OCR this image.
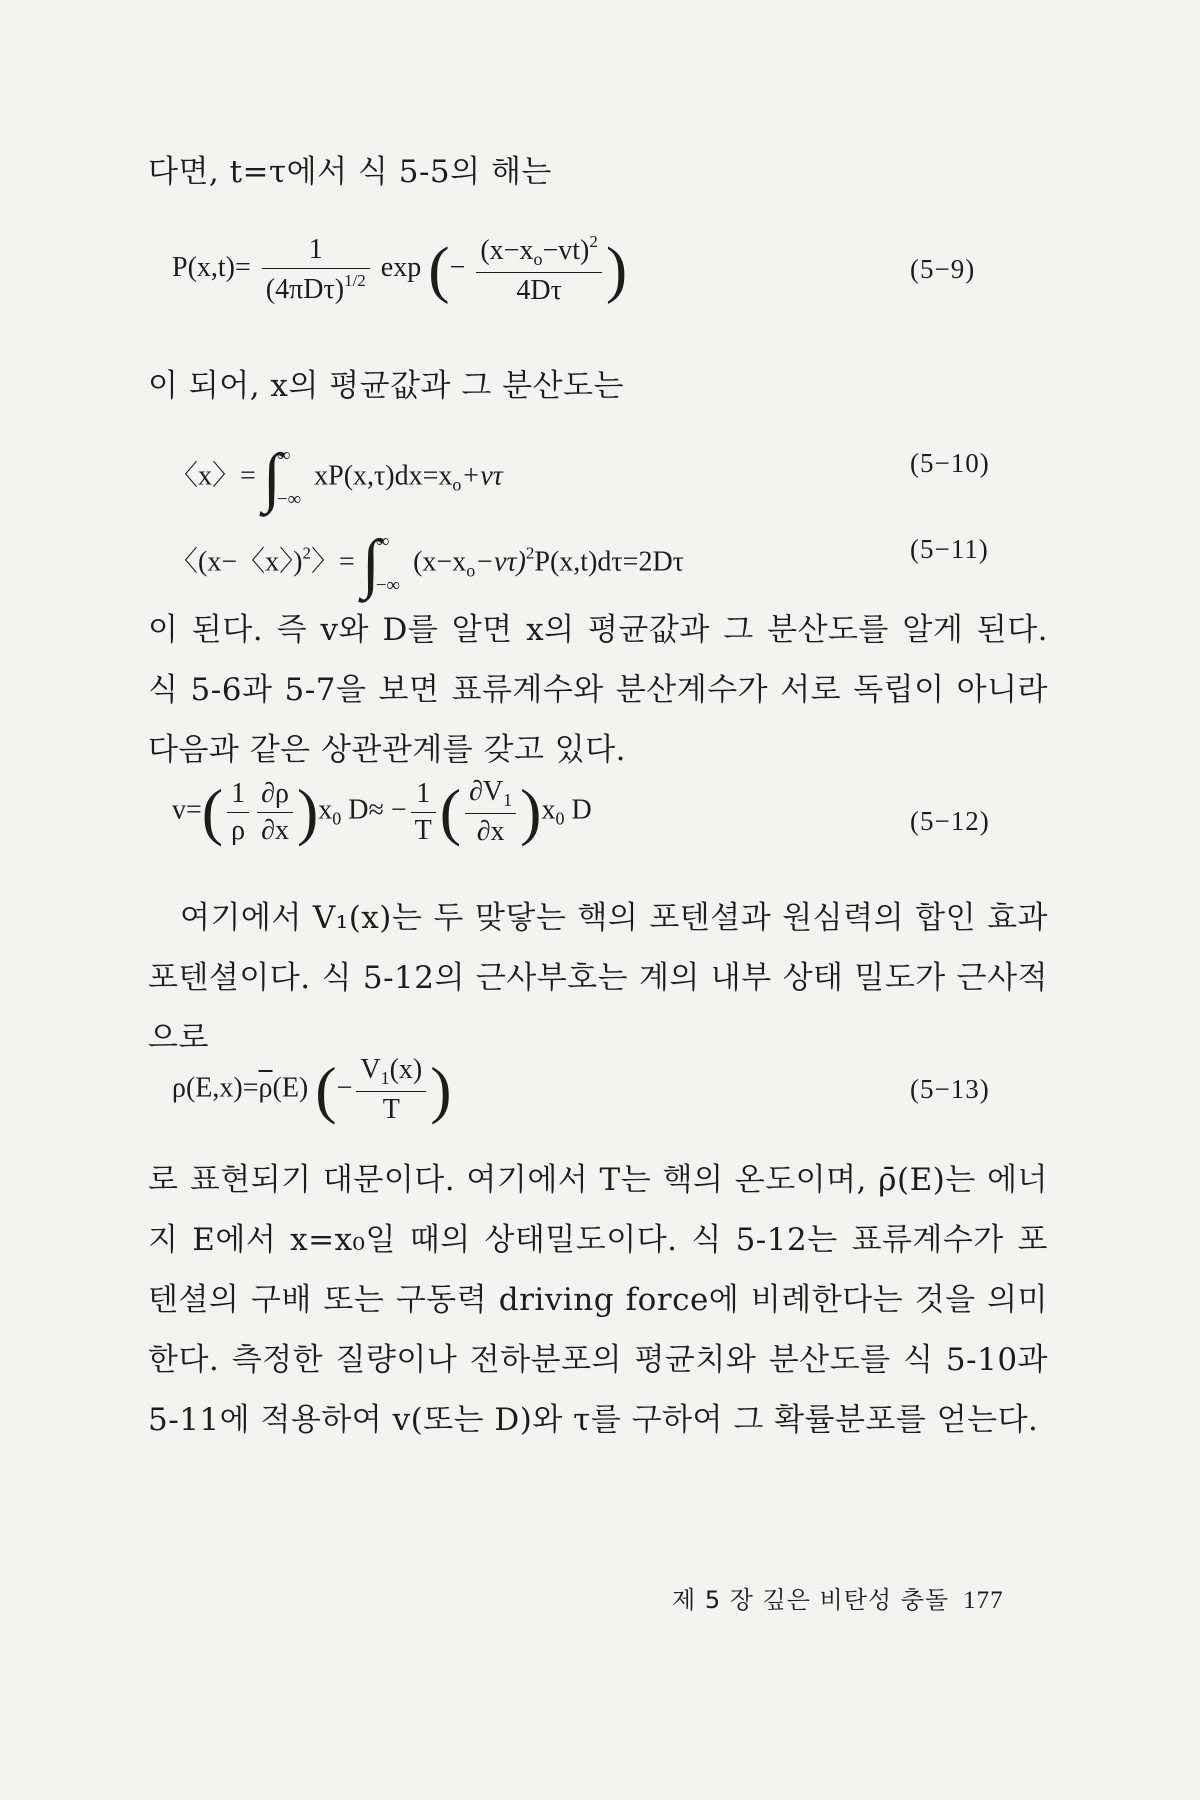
다면, t=τ에서 식 5-5의 해는

$P(x,t)= \frac{1}{(4\pi D\tau)^{1/2}}$ exp (− $\frac{(x-x_o-vt)^2}{4D\tau}$ )	(5−9)

이 되어, x의 평균값과 그 분산도는

〈x〉= ∫
∞
−∞
$xP(x,\tau)dx=x_o+v\tau$	(5−10)
〈(x−〈x〉)$^2$〉= ∫
∞
−∞
$(x-x_o-v\tau)^2P(x,t)d\tau=2D\tau$	(5−11)

이 된다. 즉 v와 D를 알면 x의 평균값과 그 분산도를 알게 된다. 식 5-6과 5-7을 보면 표류계수와 분산계수가 서로 독립이 아니라 다음과 같은 상관관계를 갖고 있다.

$v=( \frac{1}{\rho} \frac{\partial\rho}{\partial x} )x_0$ $D\approx - \frac{1}{T}$ ( $\frac{\partial V_1}{\partial x} )x_0$ D	(5−12)

여기에서 V₁(x)는 두 맞닿는 핵의 포텐셜과 원심력의 합인 효과 포텐셜이다. 식 5-12의 근사부호는 계의 내부 상태 밀도가 근사적으로

$\rho(E,x)=\overline{\rho}(E)$ (− $\frac{V_1(x)}{T}$ )	(5−13)

로 표현되기 대문이다. 여기에서 T는 핵의 온도이며, ρ̄(E)는 에너지 E에서 x=x₀일 때의 상태밀도이다. 식 5-12는 표류계수가 포텐셜의 구배 또는 구동력 driving force에 비례한다는 것을 의미한다. 측정한 질량이나 전하분포의 평균치와 분산도를 식 5-10과 5-11에 적용하여 v(또는 D)와 τ를 구하여 그 확률분포를 얻는다.

제 5 장 깊은 비탄성 충돌 177
